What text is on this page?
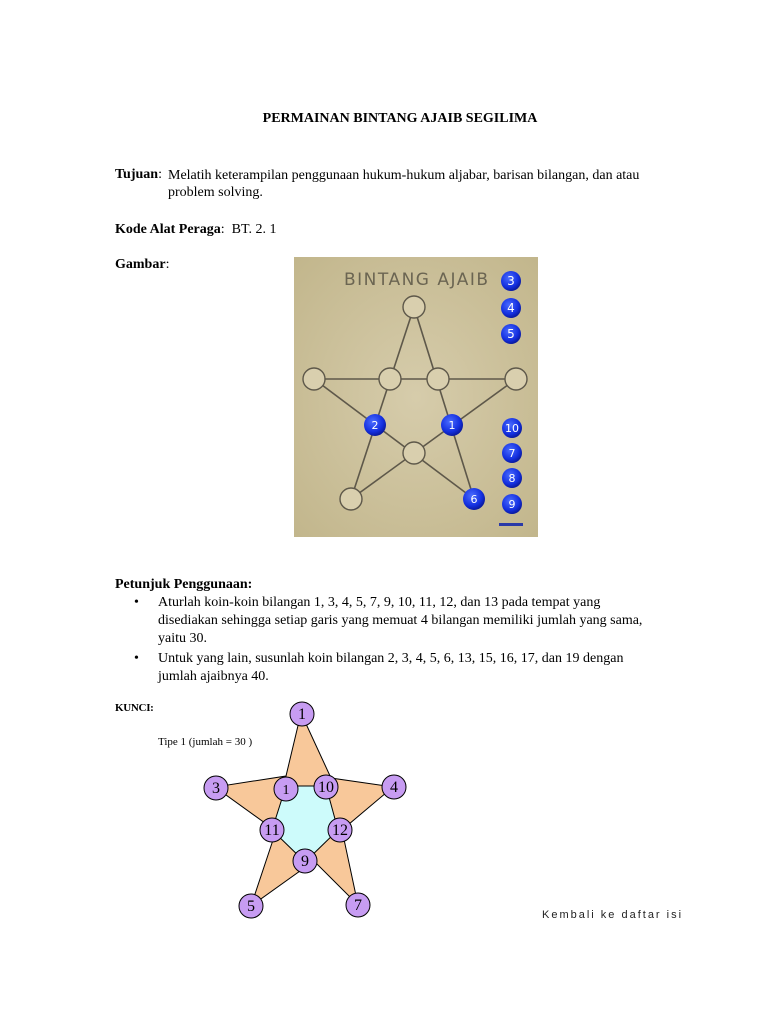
PERMAINAN BINTANG AJAIB SEGILIMA
Tujuan: Melatih keterampilan penggunaan hukum-hukum aljabar, barisan bilangan, dan atau problem solving.
Kode Alat Peraga:  BT. 2. 1
Gambar:
BINTANG AJAIB
2	1
6
3
4
5
10
7
8
9
Petunjuk Penggunaan:
• Aturlah koin-koin bilangan 1, 3, 4, 5, 7, 9, 10, 11, 12, dan 13 pada tempat yang disediakan sehingga setiap garis yang memuat 4 bilangan memiliki jumlah yang sama, yaitu 30.
• Untuk yang lain, susunlah koin bilangan 2, 3, 4, 5, 6, 13, 15, 16, 17, dan 19 dengan jumlah ajaibnya 40.
KUNCI:
Tipe 1 (jumlah = 30 )
1
3	4
5	7
1 10
11	12
9
Kembali ke daftar isi
